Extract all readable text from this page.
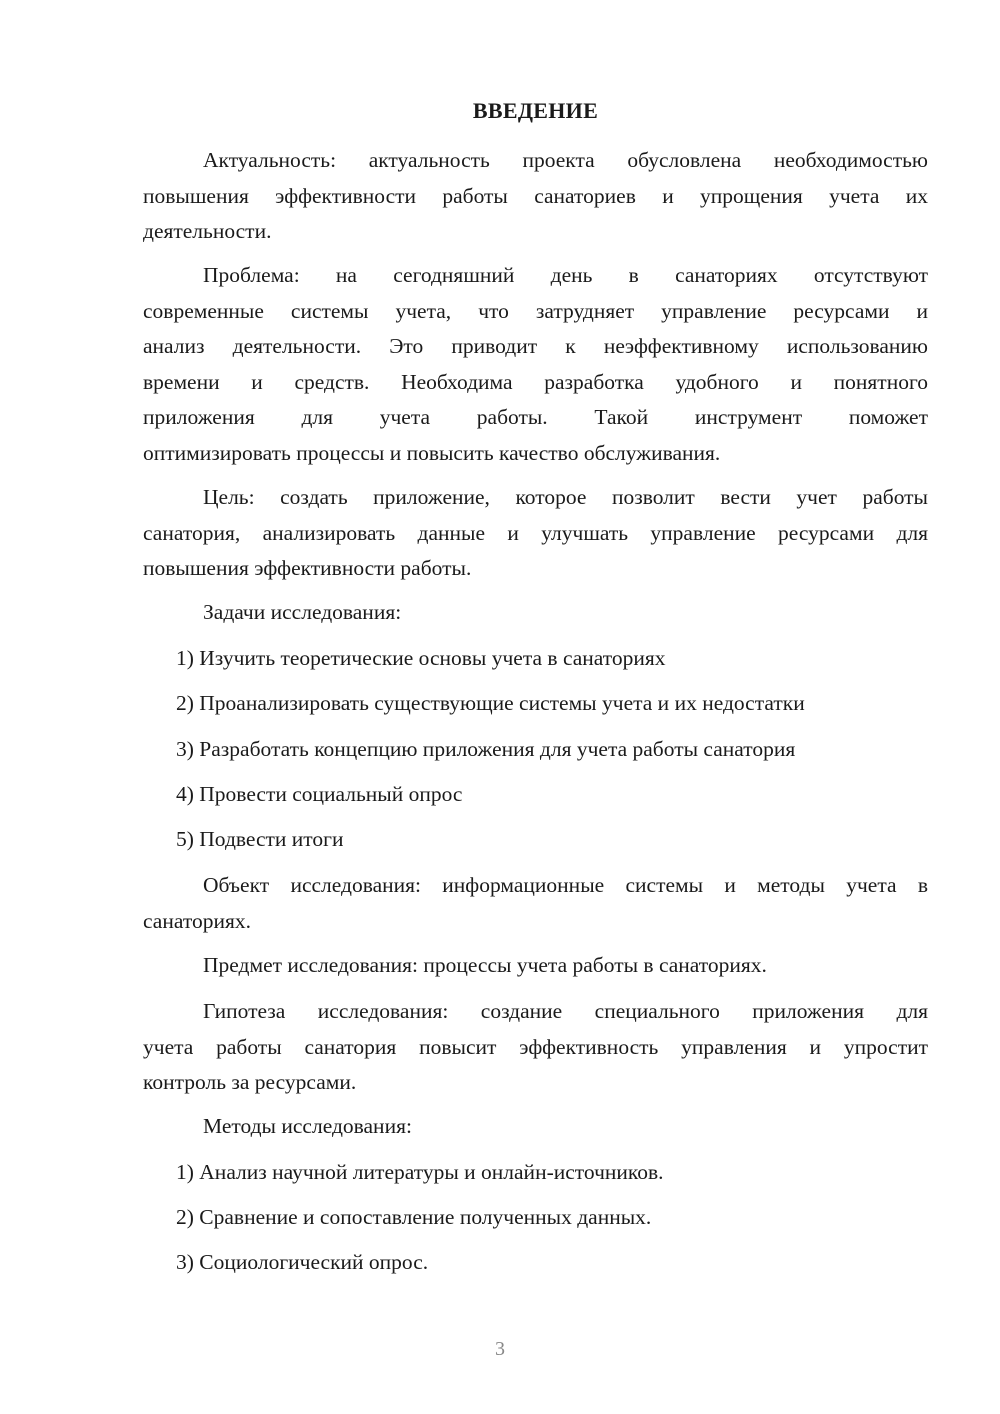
ВВЕДЕНИЕ
Актуальность: актуальность проекта обусловлена необходимостью
повышения эффективности работы санаториев и упрощения учета их
деятельности.
Проблема: на сегодняшний день в санаториях отсутствуют
современные системы учета, что затрудняет управление ресурсами и
анализ деятельности. Это приводит к неэффективному использованию
времени и средств. Необходима разработка удобного и понятного
приложения для учета работы. Такой инструмент поможет
оптимизировать процессы и повысить качество обслуживания.
Цель: создать приложение, которое позволит вести учет работы
санатория, анализировать данные и улучшать управление ресурсами для
повышения эффективности работы.
Задачи исследования:
1) Изучить теоретические основы учета в санаториях
2) Проанализировать существующие системы учета и их недостатки
3) Разработать концепцию приложения для учета работы санатория
4) Провести социальный опрос
5) Подвести итоги
Объект исследования: информационные системы и методы учета в
санаториях.
Предмет исследования: процессы учета работы в санаториях.
Гипотеза исследования: создание специального приложения для
учета работы санатория повысит эффективность управления и упростит
контроль за ресурсами.
Методы исследования:
1) Анализ научной литературы и онлайн-источников.
2) Сравнение и сопоставление полученных данных.
3) Социологический опрос.
3
